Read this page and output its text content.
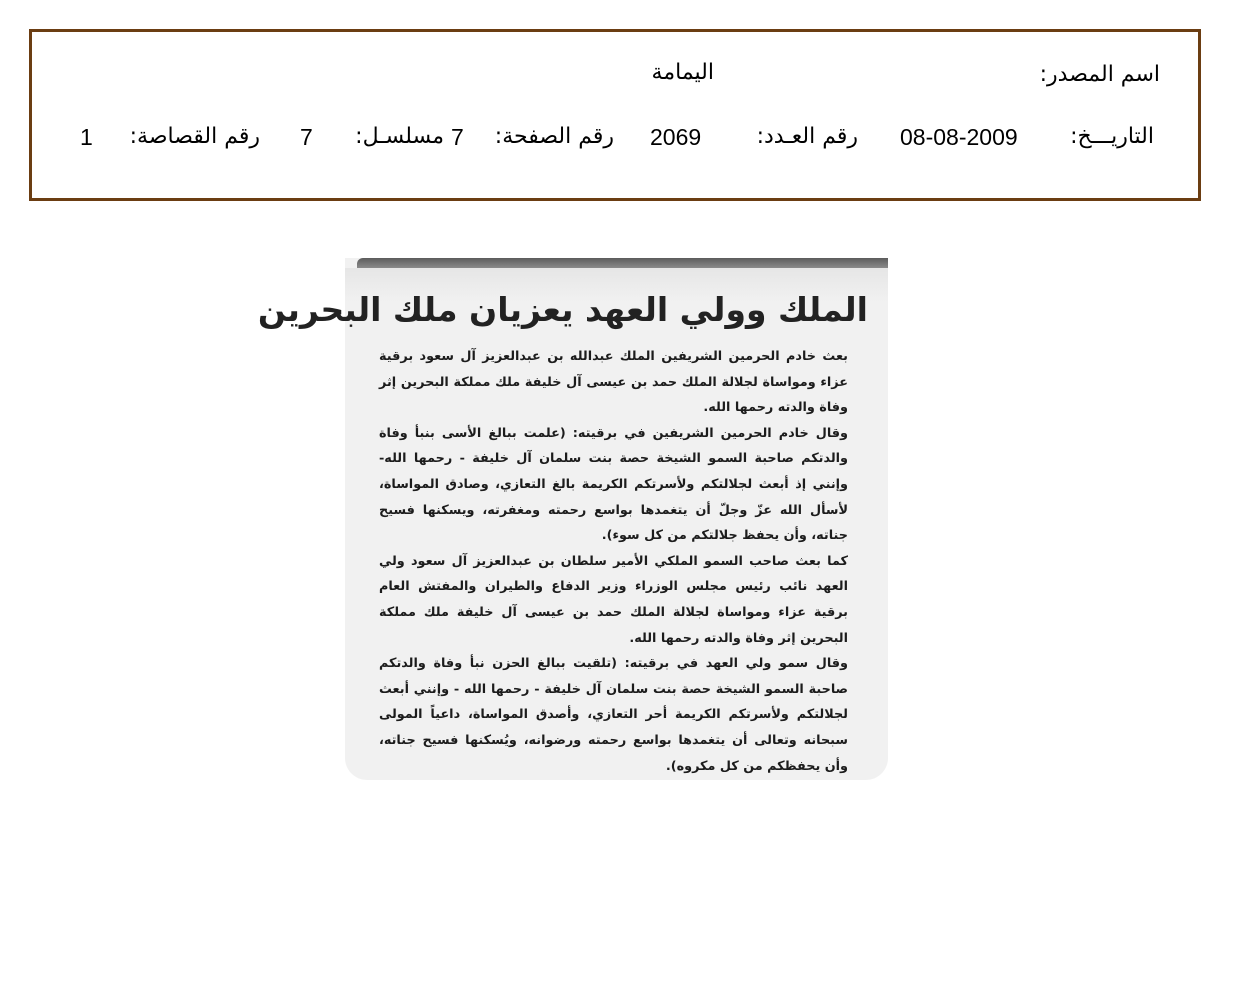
اسم المصدر:
اليمامة
التاريـــخ:
08-08-2009
رقم العـدد:
2069
رقم الصفحة:
7
مسلسـل:
7
رقم القصاصة:
1
الملك وولي العهد يعزيان ملك البحرين

بعث خادم الحرمين الشريفين الملك عبدالله بن عبدالعزيز آل سعود برقية عزاء ومواساة لجلالة الملك حمد بن عيسى آل خليفة ملك مملكة البحرين إثر وفاة والدته رحمها الله.

وقال خادم الحرمين الشريفين في برقيته: (علمت ببالغ الأسى بنبأ وفاة والدتكم صاحبة السمو الشيخة حصة بنت سلمان آل خليفة - رحمها الله- وإنني إذ أبعث لجلالتكم ولأسرتكم الكريمة بالغ التعازي، وصادق المواساة، لأسأل الله عزّ وجلّ أن يتغمدها بواسع رحمته ومغفرته، ويسكنها فسيح جناته، وأن يحفظ جلالتكم من كل سوء).

كما بعث صاحب السمو الملكي الأمير سلطان بن عبدالعزيز آل سعود ولي العهد نائب رئيس مجلس الوزراء وزير الدفاع والطيران والمفتش العام برقية عزاء ومواساة لجلالة الملك حمد بن عيسى آل خليفة ملك مملكة البحرين إثر وفاة والدته رحمها الله.

وقال سمو ولي العهد في برقيته: (تلقيت ببالغ الحزن نبأ وفاة والدتكم صاحبة السمو الشيخة حصة بنت سلمان آل خليفة - رحمها الله - وإنني أبعث لجلالتكم ولأسرتكم الكريمة أحر التعازي، وأصدق المواساة، داعياً المولى سبحانه وتعالى أن يتغمدها بواسع رحمته ورضوانه، ويُسكنها فسيح جناته، وأن يحفظكم من كل مكروه).
